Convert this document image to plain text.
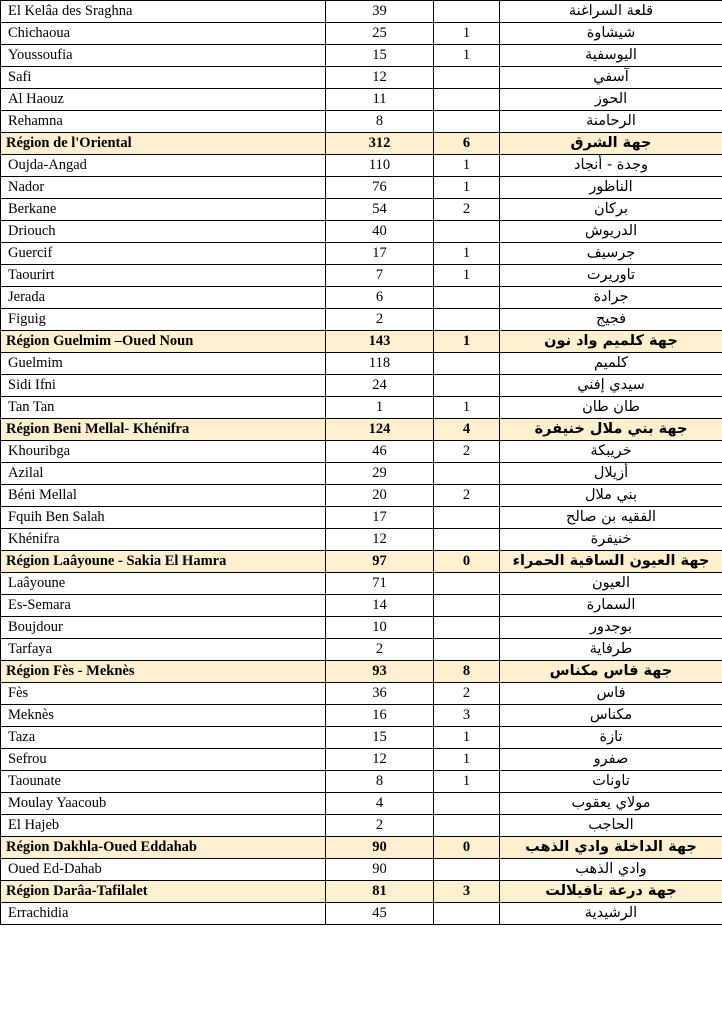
El Kelâa des Sraghna	39		قلعة السراغنة
Chichaoua	25	1	شيشاوة
Youssoufia	15	1	اليوسفية
Safi	12		آسفي
Al Haouz	11		الحوز
Rehamna	8		الرحامنة
Région de l'Oriental	312	6	جهة الشرق
Oujda-Angad	110	1	وجدة - أنجاد
Nador	76	1	الناظور
Berkane	54	2	بركان
Driouch	40		الدريوش
Guercif	17	1	جرسيف
Taourirt	7	1	تاوريرت
Jerada	6		جرادة
Figuig	2		فجيج
Région Guelmim –Oued Noun	143	1	جهة كلميم واد نون
Guelmim	118		كلميم
Sidi Ifni	24		سيدي إفني
Tan Tan	1	1	طان طان
Région Beni Mellal- Khénifra	124	4	جهة بني ملال خنيفرة
Khouribga	46	2	خريبكة
Azilal	29		أزيلال
Béni Mellal	20	2	بني ملال
Fquih Ben Salah	17		الفقيه بن صالح
Khénifra	12		خنيفرة
Région Laâyoune - Sakia El Hamra	97	0	جهة العيون الساقية الحمراء
Laâyoune	71		العيون
Es-Semara	14		السمارة
Boujdour	10		بوجدور
Tarfaya	2		طرفاية
Région Fès - Meknès	93	8	جهة فاس مكناس
Fès	36	2	فاس
Meknès	16	3	مكناس
Taza	15	1	تازة
Sefrou	12	1	صفرو
Taounate	8	1	تاونات
Moulay Yaacoub	4		مولاي يعقوب
El Hajeb	2		الحاجب
Région Dakhla-Oued Eddahab	90	0	جهة الداخلة وادي الذهب
Oued Ed-Dahab	90		وادي الذهب
Région Darâa-Tafilalet	81	3	جهة درعة تافيلالت
Errachidia	45		الرشيدية
